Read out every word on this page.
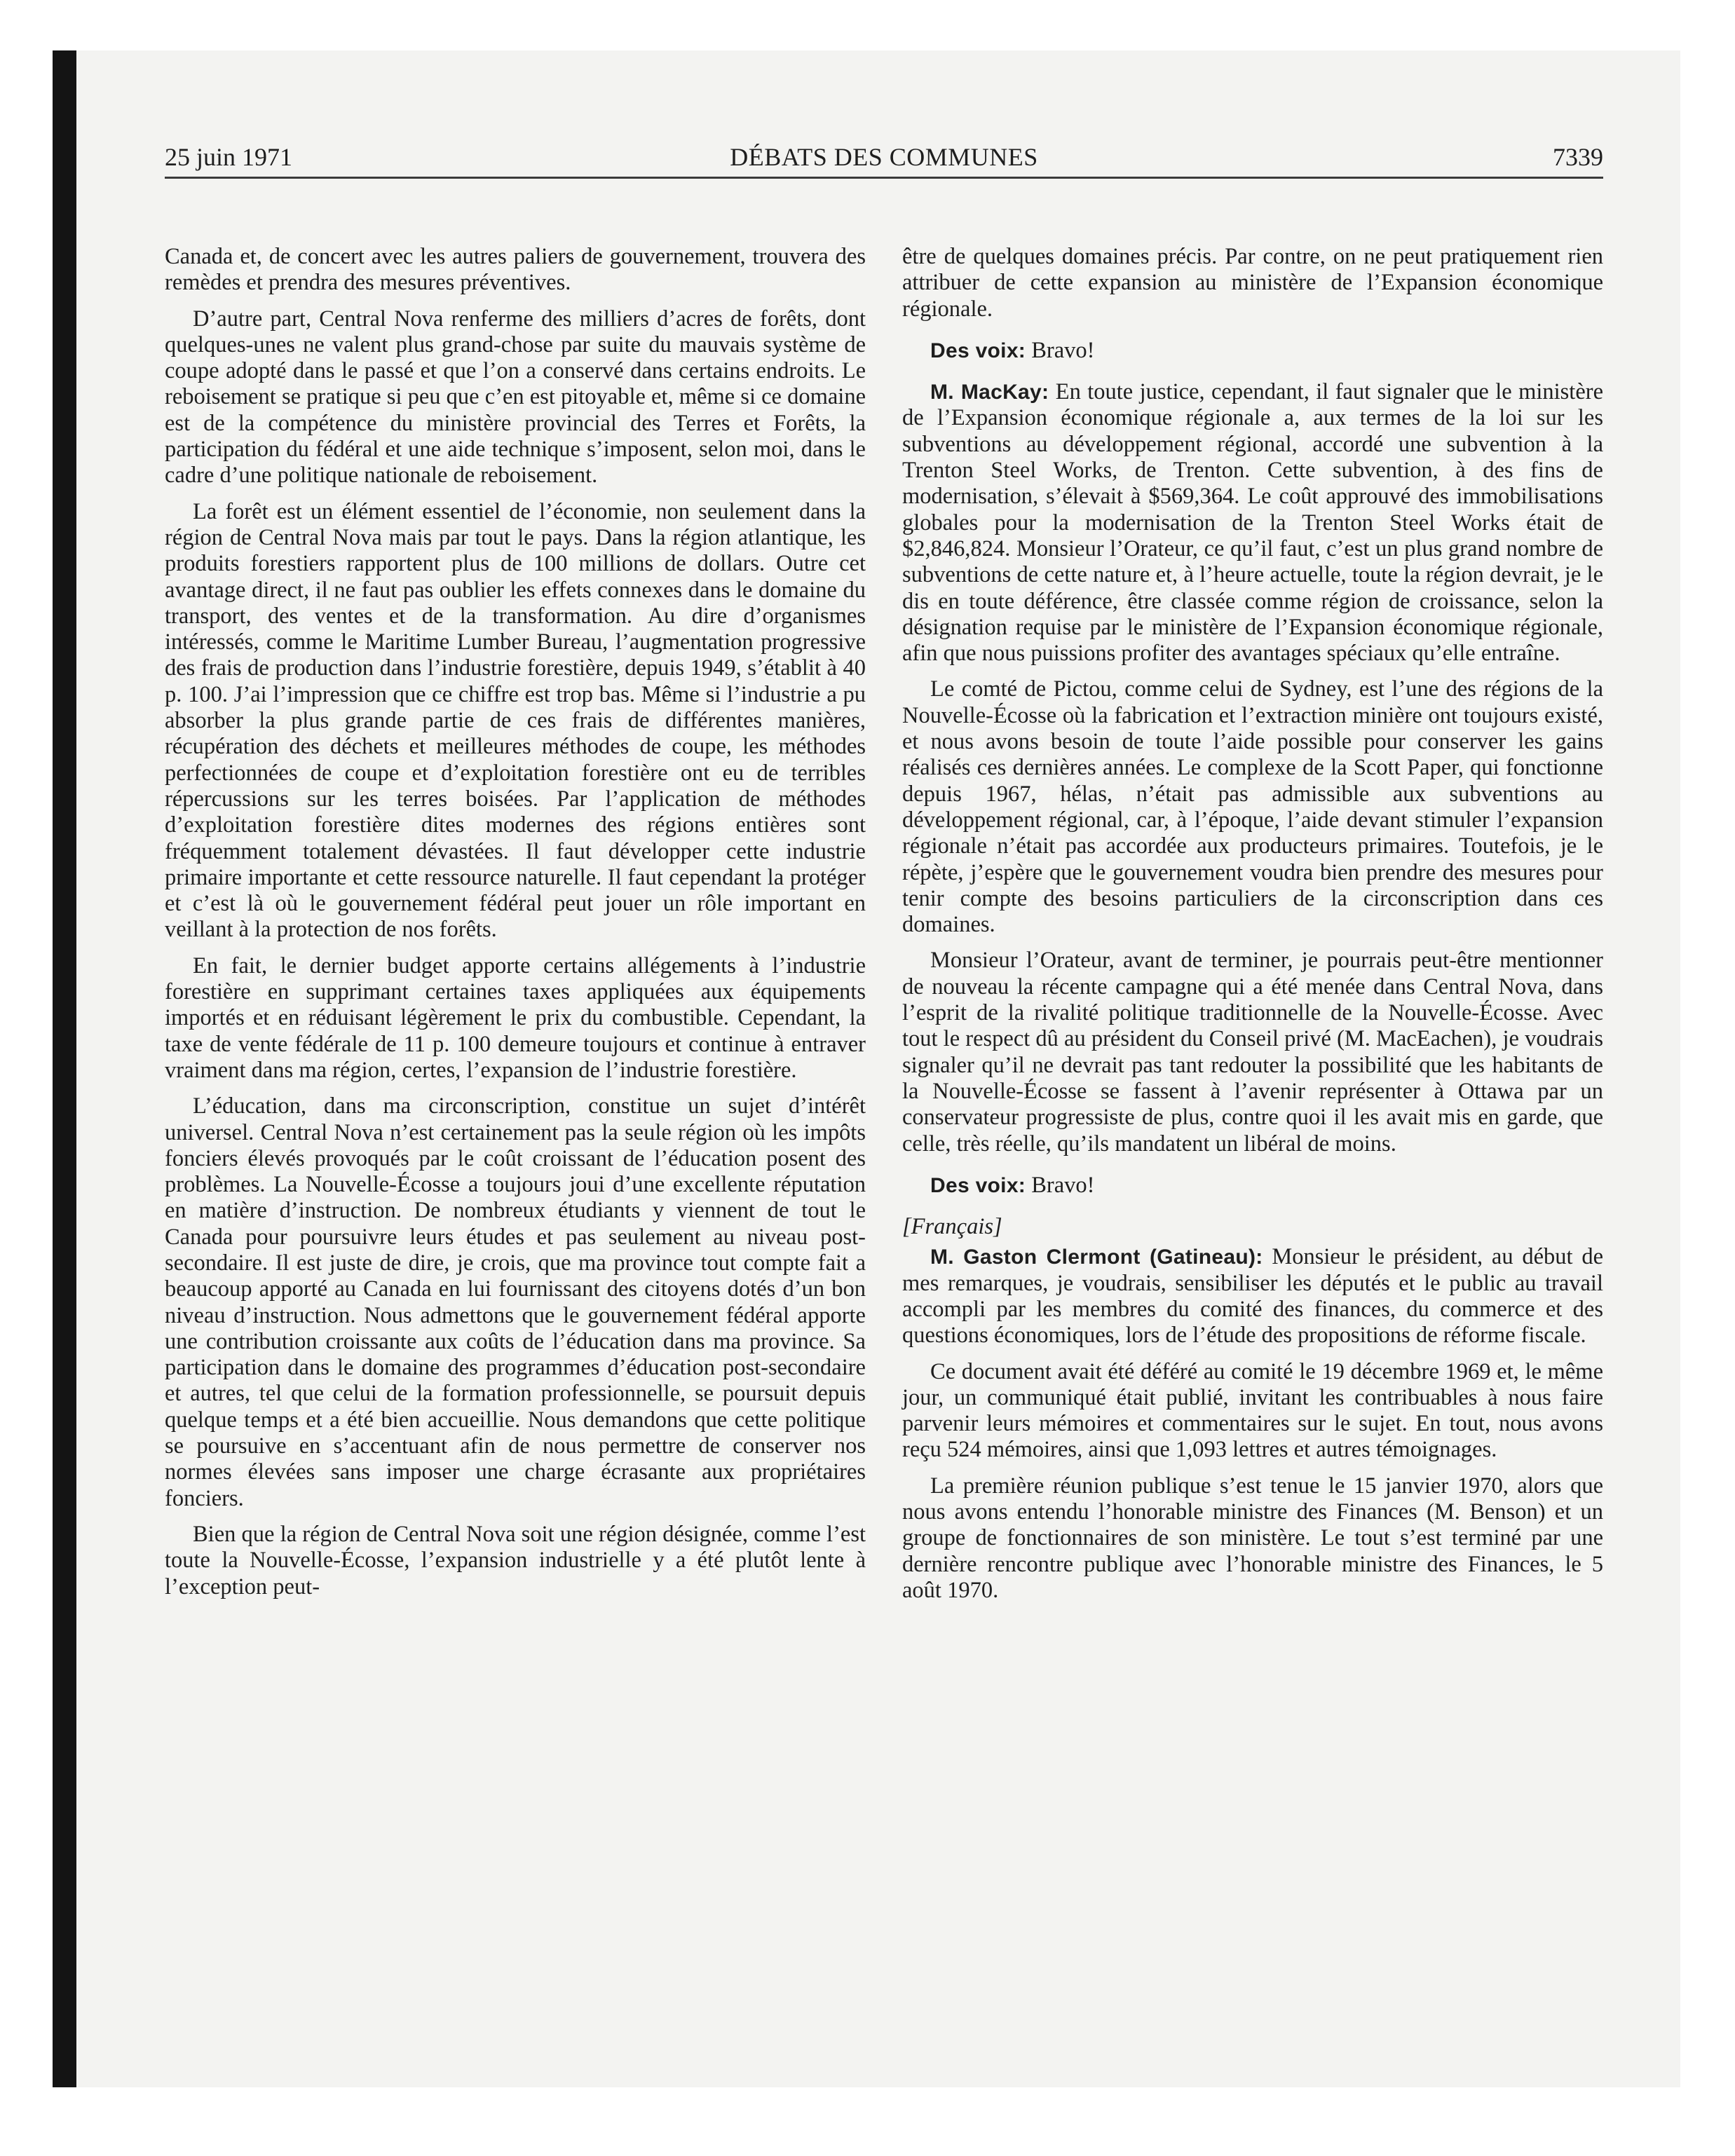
25 juin 1971	DÉBATS DES COMMUNES	7339

Canada et, de concert avec les autres paliers de gouvernement, trouvera des remèdes et prendra des mesures préventives.

D’autre part, Central Nova renferme des milliers d’acres de forêts, dont quelques-unes ne valent plus grand-chose par suite du mauvais système de coupe adopté dans le passé et que l’on a conservé dans certains endroits. Le reboisement se pratique si peu que c’en est pitoyable et, même si ce domaine est de la compétence du ministère provincial des Terres et Forêts, la participation du fédéral et une aide technique s’imposent, selon moi, dans le cadre d’une politique nationale de reboisement.

La forêt est un élément essentiel de l’économie, non seulement dans la région de Central Nova mais par tout le pays. Dans la région atlantique, les produits forestiers rapportent plus de 100 millions de dollars. Outre cet avantage direct, il ne faut pas oublier les effets connexes dans le domaine du transport, des ventes et de la transformation. Au dire d’organismes intéressés, comme le Maritime Lumber Bureau, l’augmentation progressive des frais de production dans l’industrie forestière, depuis 1949, s’établit à 40 p. 100. J’ai l’impression que ce chiffre est trop bas. Même si l’industrie a pu absorber la plus grande partie de ces frais de différentes manières, récupération des déchets et meilleures méthodes de coupe, les méthodes perfectionnées de coupe et d’exploitation forestière ont eu de terribles répercussions sur les terres boisées. Par l’application de méthodes d’exploitation forestière dites modernes des régions entières sont fréquemment totalement dévastées. Il faut développer cette industrie primaire importante et cette ressource naturelle. Il faut cependant la protéger et c’est là où le gouvernement fédéral peut jouer un rôle important en veillant à la protection de nos forêts.

En fait, le dernier budget apporte certains allégements à l’industrie forestière en supprimant certaines taxes appliquées aux équipements importés et en réduisant légèrement le prix du combustible. Cependant, la taxe de vente fédérale de 11 p. 100 demeure toujours et continue à entraver vraiment dans ma région, certes, l’expansion de l’industrie forestière.

L’éducation, dans ma circonscription, constitue un sujet d’intérêt universel. Central Nova n’est certainement pas la seule région où les impôts fonciers élevés provoqués par le coût croissant de l’éducation posent des problèmes. La Nouvelle-Écosse a toujours joui d’une excellente réputation en matière d’instruction. De nombreux étudiants y viennent de tout le Canada pour poursuivre leurs études et pas seulement au niveau post-secondaire. Il est juste de dire, je crois, que ma province tout compte fait a beaucoup apporté au Canada en lui fournissant des citoyens dotés d’un bon niveau d’instruction. Nous admettons que le gouvernement fédéral apporte une contribution croissante aux coûts de l’éducation dans ma province. Sa participation dans le domaine des programmes d’éducation post-secondaire et autres, tel que celui de la formation professionnelle, se poursuit depuis quelque temps et a été bien accueillie. Nous demandons que cette politique se poursuive en s’accentuant afin de nous permettre de conserver nos normes élevées sans imposer une charge écrasante aux propriétaires fonciers.

Bien que la région de Central Nova soit une région désignée, comme l’est toute la Nouvelle-Écosse, l’expansion industrielle y a été plutôt lente à l’exception peut-

être de quelques domaines précis. Par contre, on ne peut pratiquement rien attribuer de cette expansion au ministère de l’Expansion économique régionale.

Des voix: Bravo!

M. MacKay: En toute justice, cependant, il faut signaler que le ministère de l’Expansion économique régionale a, aux termes de la loi sur les subventions au développement régional, accordé une subvention à la Trenton Steel Works, de Trenton. Cette subvention, à des fins de modernisation, s’élevait à $569,364. Le coût approuvé des immobilisations globales pour la modernisation de la Trenton Steel Works était de $2,846,824. Monsieur l’Orateur, ce qu’il faut, c’est un plus grand nombre de subventions de cette nature et, à l’heure actuelle, toute la région devrait, je le dis en toute déférence, être classée comme région de croissance, selon la désignation requise par le ministère de l’Expansion économique régionale, afin que nous puissions profiter des avantages spéciaux qu’elle entraîne.

Le comté de Pictou, comme celui de Sydney, est l’une des régions de la Nouvelle-Écosse où la fabrication et l’extraction minière ont toujours existé, et nous avons besoin de toute l’aide possible pour conserver les gains réalisés ces dernières années. Le complexe de la Scott Paper, qui fonctionne depuis 1967, hélas, n’était pas admissible aux subventions au développement régional, car, à l’époque, l’aide devant stimuler l’expansion régionale n’était pas accordée aux producteurs primaires. Toutefois, je le répète, j’espère que le gouvernement voudra bien prendre des mesures pour tenir compte des besoins particuliers de la circonscription dans ces domaines.

Monsieur l’Orateur, avant de terminer, je pourrais peut-être mentionner de nouveau la récente campagne qui a été menée dans Central Nova, dans l’esprit de la rivalité politique traditionnelle de la Nouvelle-Écosse. Avec tout le respect dû au président du Conseil privé (M. MacEachen), je voudrais signaler qu’il ne devrait pas tant redouter la possibilité que les habitants de la Nouvelle-Écosse se fassent à l’avenir représenter à Ottawa par un conservateur progressiste de plus, contre quoi il les avait mis en garde, que celle, très réelle, qu’ils mandatent un libéral de moins.

Des voix: Bravo!

[Français]

M. Gaston Clermont (Gatineau): Monsieur le président, au début de mes remarques, je voudrais, sensibiliser les députés et le public au travail accompli par les membres du comité des finances, du commerce et des questions économiques, lors de l’étude des propositions de réforme fiscale.

Ce document avait été déféré au comité le 19 décembre 1969 et, le même jour, un communiqué était publié, invitant les contribuables à nous faire parvenir leurs mémoires et commentaires sur le sujet. En tout, nous avons reçu 524 mémoires, ainsi que 1,093 lettres et autres témoignages.

La première réunion publique s’est tenue le 15 janvier 1970, alors que nous avons entendu l’honorable ministre des Finances (M. Benson) et un groupe de fonctionnaires de son ministère. Le tout s’est terminé par une dernière rencontre publique avec l’honorable ministre des Finances, le 5 août 1970.
